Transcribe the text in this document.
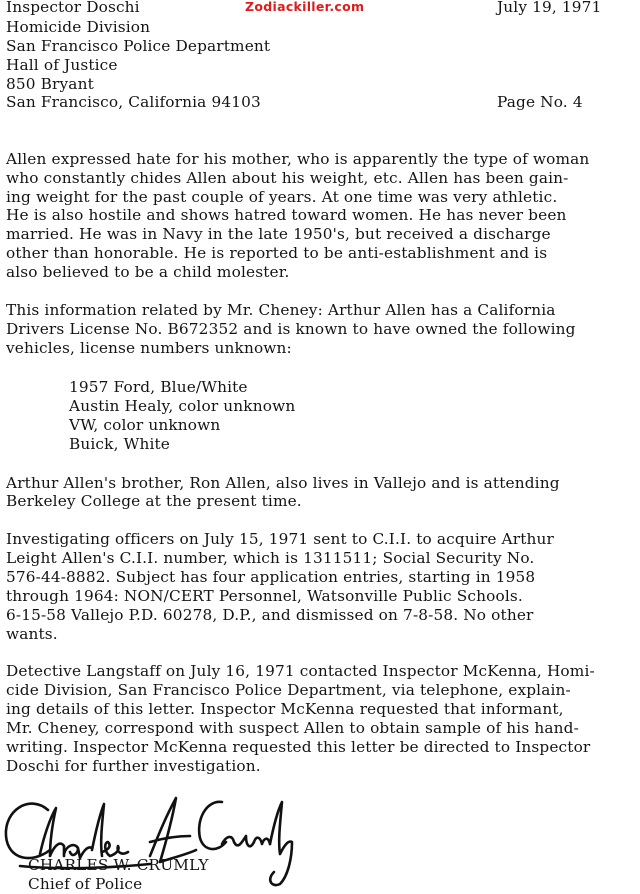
Inspector Doschi
Homicide Division
San Francisco Police Department
Hall of Justice
850 Bryant
San Francisco, California 94103
July 19, 1971
Page No. 4
Zodiackiller.com
Allen expressed hate for his mother, who is apparently the type of woman
who constantly chides Allen about his weight, etc. Allen has been gain-
ing weight for the past couple of years. At one time was very athletic.
He is also hostile and shows hatred toward women. He has never been
married. He was in Navy in the late 1950's, but received a discharge
other than honorable. He is reported to be anti-establishment and is
also believed to be a child molester.
This information related by Mr. Cheney: Arthur Allen has a California
Drivers License No. B672352 and is known to have owned the following
vehicles, license numbers unknown:
1957 Ford, Blue/White
Austin Healy, color unknown
VW, color unknown
Buick, White
Arthur Allen's brother, Ron Allen, also lives in Vallejo and is attending
Berkeley College at the present time.
Investigating officers on July 15, 1971 sent to C.I.I. to acquire Arthur
Leight Allen's C.I.I. number, which is 1311511; Social Security No.
576-44-8882. Subject has four application entries, starting in 1958
through 1964: NON/CERT Personnel, Watsonville Public Schools.
6-15-58 Vallejo P.D. 60278, D.P., and dismissed on 7-8-58. No other
wants.
Detective Langstaff on July 16, 1971 contacted Inspector McKenna, Homi-
cide Division, San Francisco Police Department, via telephone, explain-
ing details of this letter. Inspector McKenna requested that informant,
Mr. Cheney, correspond with suspect Allen to obtain sample of his hand-
writing. Inspector McKenna requested this letter be directed to Inspector
Doschi for further investigation.
CHARLES W. CRUMLY
Chief of Police
